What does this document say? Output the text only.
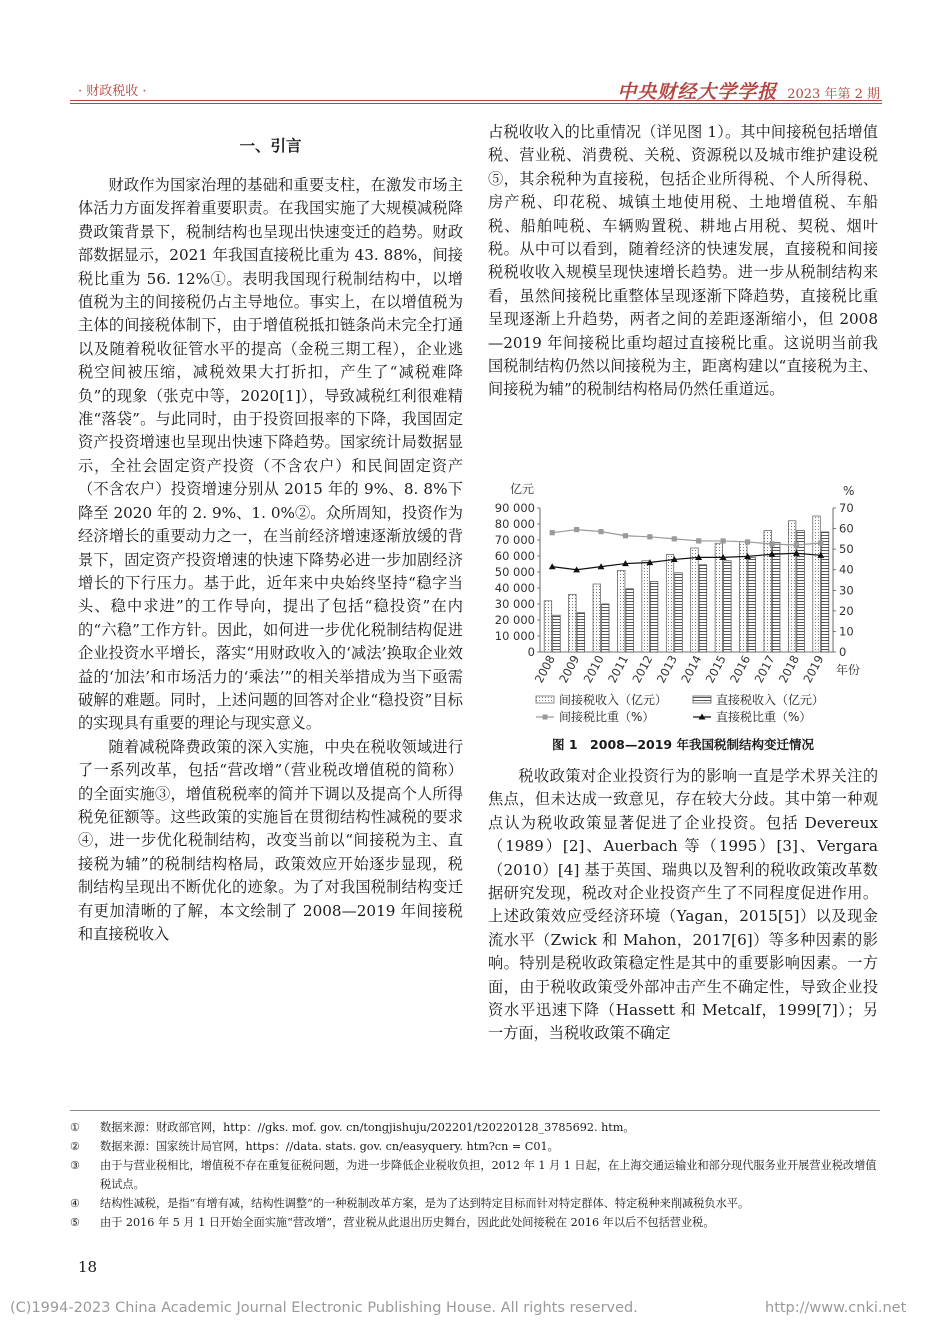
· 财政税收 ·	中央财经大学学报 2023 年第 2 期
一、引言

财政作为国家治理的基础和重要支柱，在激发市场主体活力方面发挥着重要职责。在我国实施了大规模减税降费政策背景下，税制结构也呈现出快速变迁的趋势。财政部数据显示，2021 年我国直接税比重为 43. 88%，间接税比重为 56. 12%①。表明我国现行税制结构中，以增值税为主的间接税仍占主导地位。事实上，在以增值税为主体的间接税体制下，由于增值税抵扣链条尚未完全打通以及随着税收征管水平的提高（金税三期工程），企业逃税空间被压缩，减税效果大打折扣，产生了“减税难降负”的现象（张克中等，2020[1]），导致减税红利很难精准“落袋”。与此同时，由于投资回报率的下降，我国固定资产投资增速也呈现出快速下降趋势。国家统计局数据显示，全社会固定资产投资（不含农户）和民间固定资产（不含农户）投资增速分别从 2015 年的 9%、8. 8%下降至 2020 年的 2. 9%、1. 0%②。众所周知，投资作为经济增长的重要动力之一，在当前经济增速逐渐放缓的背景下，固定资产投资增速的快速下降势必进一步加剧经济增长的下行压力。基于此，近年来中央始终坚持“稳字当头、稳中求进”的工作导向，提出了包括“稳投资”在内的“六稳”工作方针。因此，如何进一步优化税制结构促进企业投资水平增长，落实“用财政收入的‘减法’换取企业效益的‘加法’和市场活力的‘乘法’”的相关举措成为当下亟需破解的难题。同时，上述问题的回答对企业“稳投资”目标的实现具有重要的理论与现实意义。

随着减税降费政策的深入实施，中央在税收领域进行了一系列改革，包括“营改增”（营业税改增值税的简称）的全面实施③，增值税税率的简并下调以及提高个人所得税免征额等。这些政策的实施旨在贯彻结构性减税的要求④，进一步优化税制结构，改变当前以“间接税为主、直接税为辅”的税制结构格局，政策效应开始逐步显现，税制结构呈现出不断优化的迹象。为了对我国税制结构变迁有更加清晰的了解，本文绘制了 2008—2019 年间接税和直接税收入

占税收收入的比重情况（详见图 1）。其中间接税包括增值税、营业税、消费税、关税、资源税以及城市维护建设税⑤，其余税种为直接税，包括企业所得税、个人所得税、房产税、印花税、城镇土地使用税、土地增值税、车船税、船舶吨税、车辆购置税、耕地占用税、契税、烟叶税。从中可以看到，随着经济的快速发展，直接税和间接税税收收入规模呈现快速增长趋势。进一步从税制结构来看，虽然间接税比重整体呈现逐渐下降趋势，直接税比重呈现逐渐上升趋势，两者之间的差距逐渐缩小，但 2008—2019 年间接税比重均超过直接税比重。这说明当前我国税制结构仍然以间接税为主，距离构建以“直接税为主、间接税为辅”的税制结构格局仍然任重道远。

亿元	%
年份
0
10 000
20 000
30 000
40 000
50 000
60 000
70 000
80 000
90 000
0
10
20
30
40
50
60
70
2008
2009
2010
2011
2012
2013
2014
2015
2016
2017
2018
2019
间接税收入（亿元）	直接税收入（亿元）
间接税比重（%）	直接税比重（%）
图 1　2008—2019 年我国税制结构变迁情况

税收政策对企业投资行为的影响一直是学术界关注的焦点，但未达成一致意见，存在较大分歧。其中第一种观点认为税收政策显著促进了企业投资。包括 Devereux（1989）[2]、Auerbach 等（1995）[3]、Vergara（2010）[4] 基于英国、瑞典以及智利的税收政策改革数据研究发现，税改对企业投资产生了不同程度促进作用。上述政策效应受经济环境（Yagan，2015[5]）以及现金流水平（Zwick 和 Mahon，2017[6]）等多种因素的影响。特别是税收政策稳定性是其中的重要影响因素。一方面，由于税收政策受外部冲击产生不确定性，导致企业投资水平迅速下降（Hassett 和 Metcalf，1999[7]）；另一方面，当税收政策不确定

①	数据来源：财政部官网，http：//gks. mof. gov. cn/tongjishuju/202201/t20220128_3785692. htm。
②	数据来源：国家统计局官网，https：//data. stats. gov. cn/easyquery. htm?cn = C01。
③	由于与营业税相比，增值税不存在重复征税问题，为进一步降低企业税收负担，2012 年 1 月 1 日起，在上海交通运输业和部分现代服务业开展营业税改增值税试点。
④	结构性减税，是指“有增有减，结构性调整”的一种税制改革方案，是为了达到特定目标而针对特定群体、特定税种来削减税负水平。
⑤	由于 2016 年 5 月 1 日开始全面实施“营改增”，营业税从此退出历史舞台，因此此处间接税在 2016 年以后不包括营业税。
18
(C)1994-2023 China Academic Journal Electronic Publishing House. All rights reserved.	http://www.cnki.net
